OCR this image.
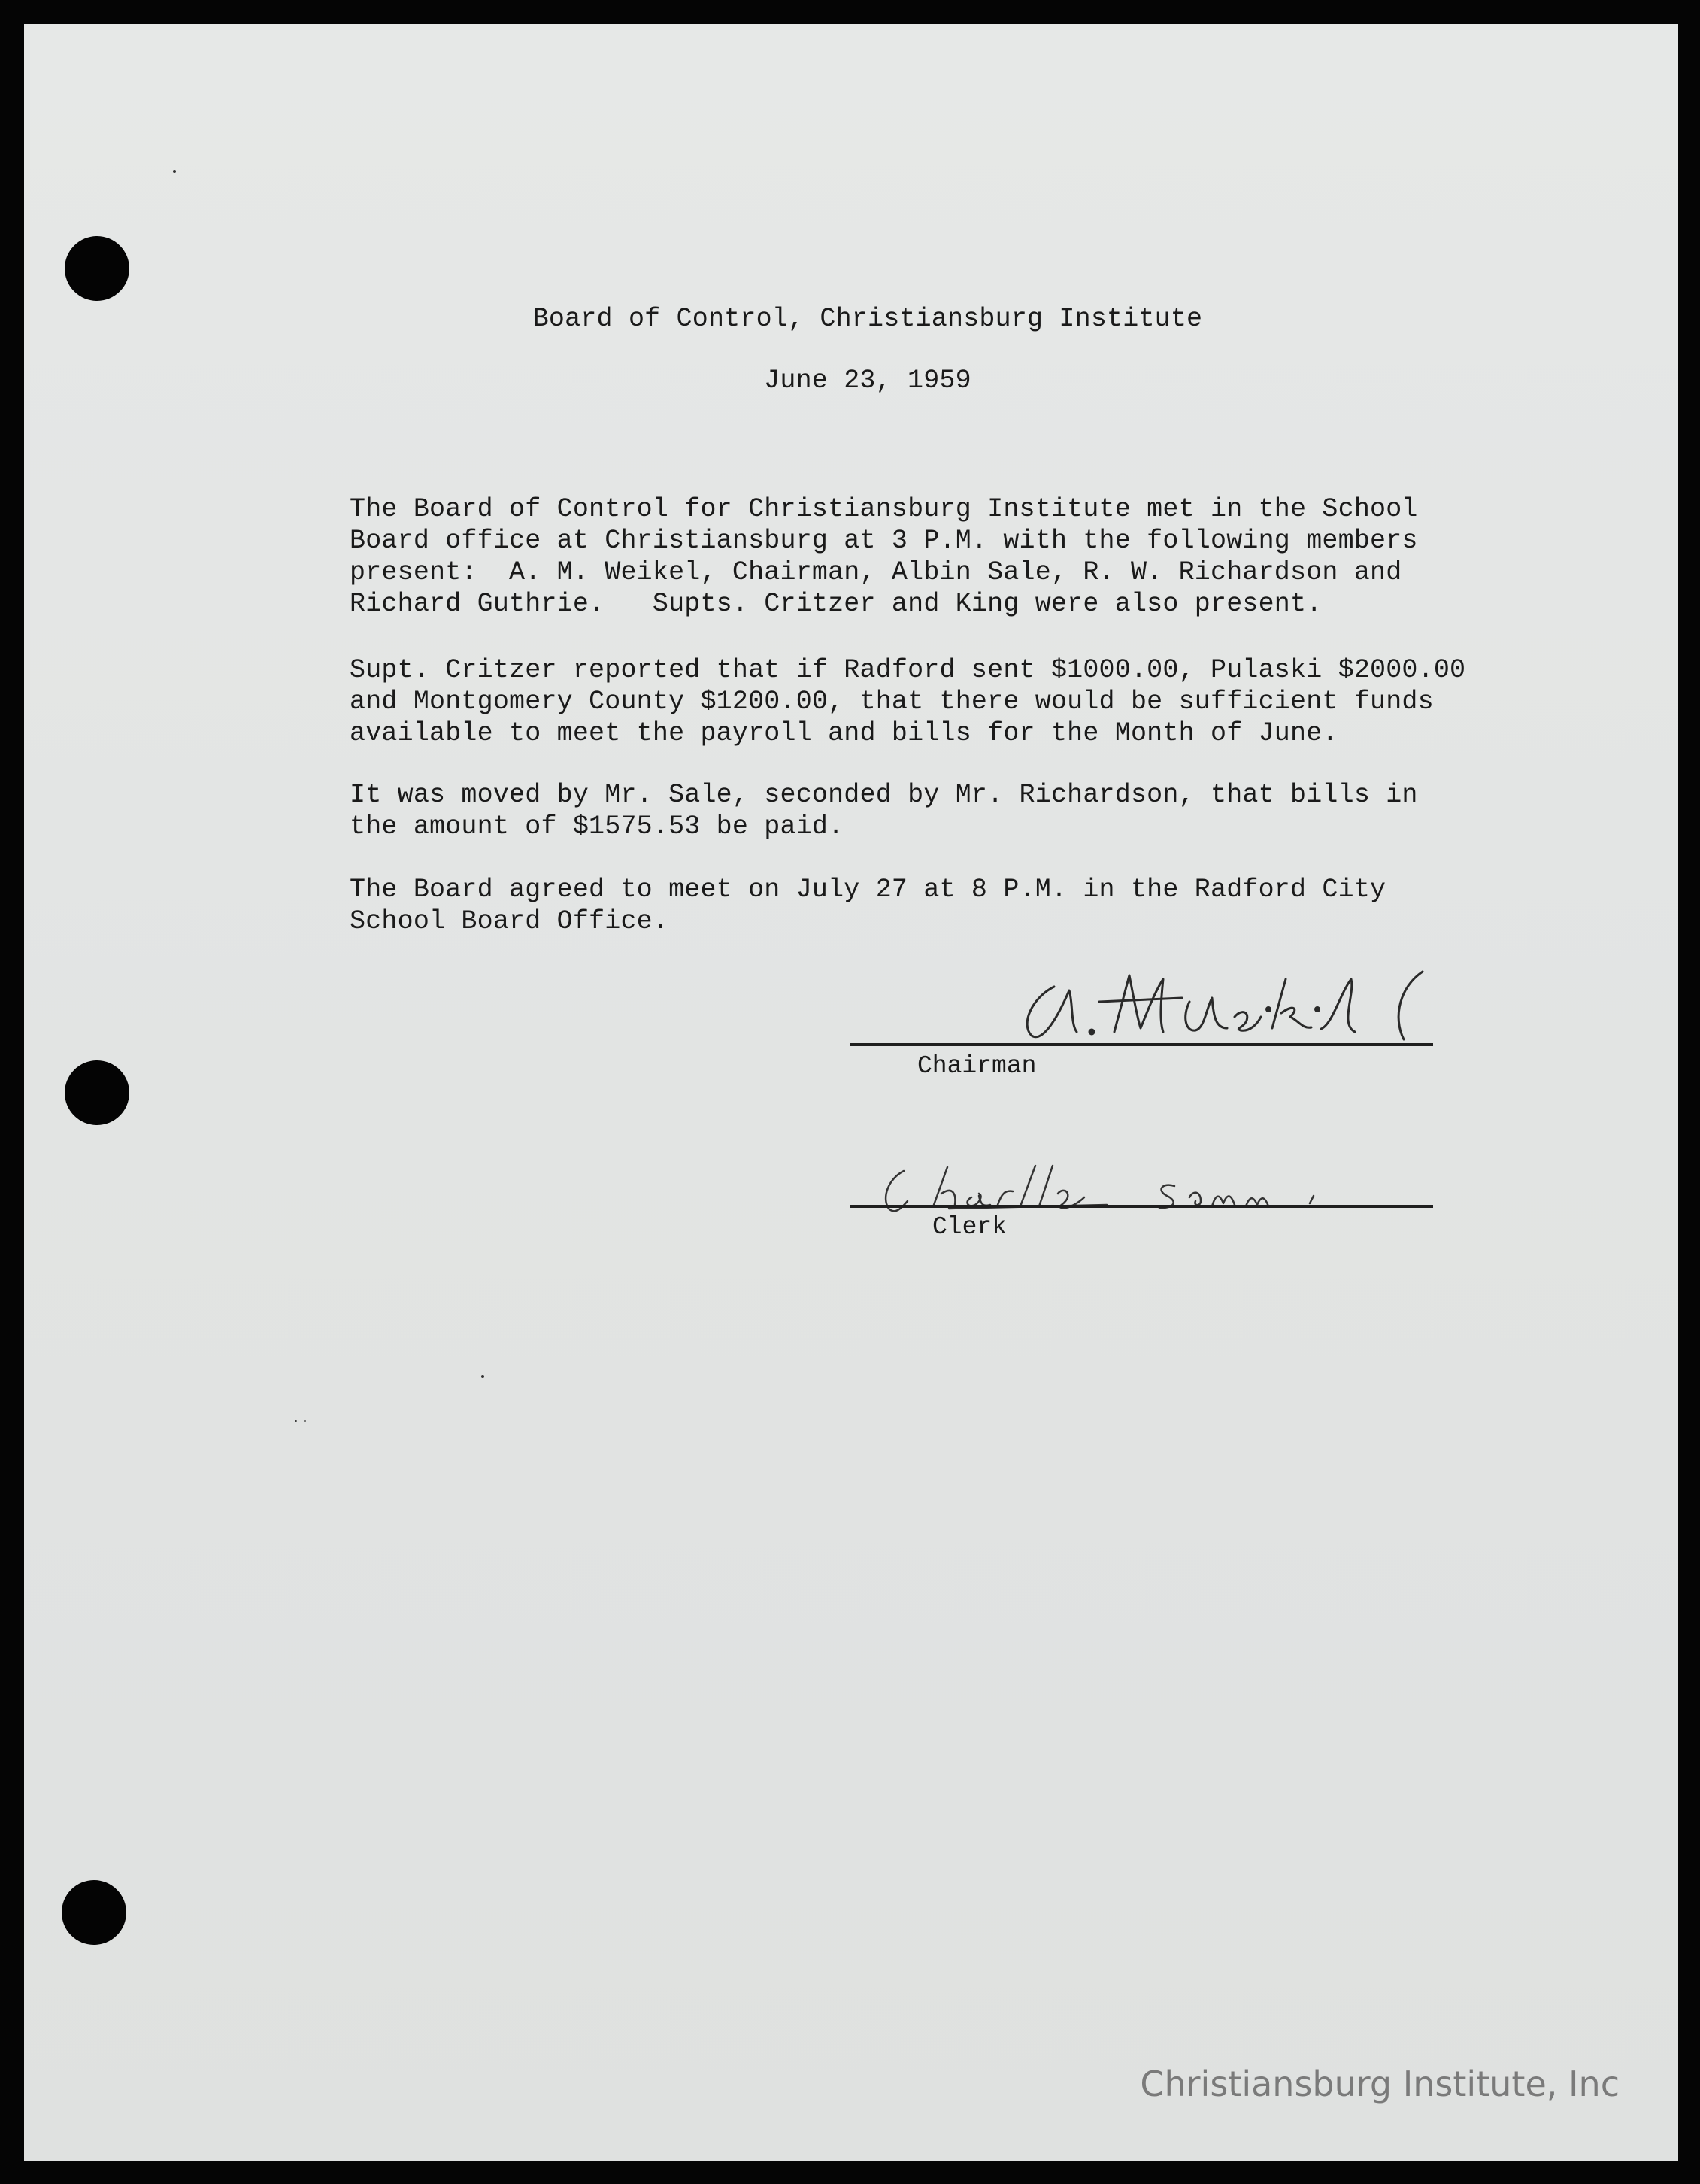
Board of Control, Christiansburg Institute
June 23, 1959
The Board of Control for Christiansburg Institute met in the School
Board office at Christiansburg at 3 P.M. with the following members
present:  A. M. Weikel, Chairman, Albin Sale, R. W. Richardson and
Richard Guthrie.   Supts. Critzer and King were also present.
Supt. Critzer reported that if Radford sent $1000.00, Pulaski $2000.00
and Montgomery County $1200.00, that there would be sufficient funds
available to meet the payroll and bills for the Month of June.
It was moved by Mr. Sale, seconded by Mr. Richardson, that bills in
the amount of $1575.53 be paid.
The Board agreed to meet on July 27 at 8 P.M. in the Radford City
School Board Office.
Chairman
Clerk
Christiansburg Institute, Inc
